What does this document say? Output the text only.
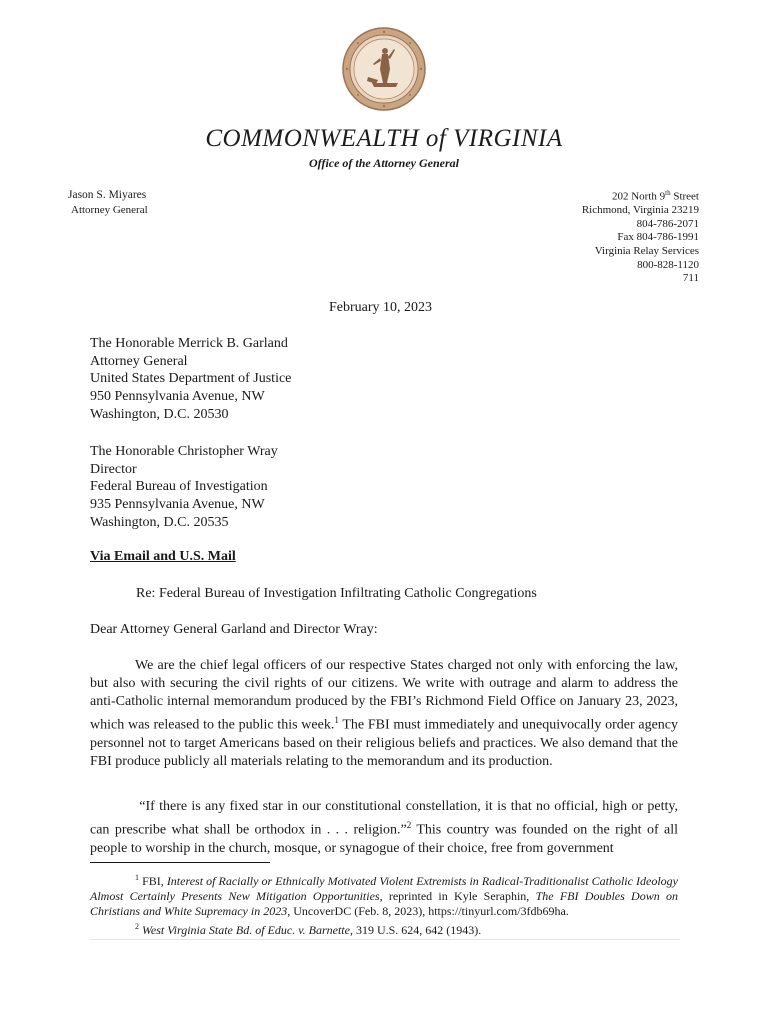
COMMONWEALTH of VIRGINIA
Office of the Attorney General
Jason S. Miyares
Attorney General
202 North 9th Street
Richmond, Virginia 23219
804-786-2071
Fax 804-786-1991
Virginia Relay Services
800-828-1120
711
February 10, 2023
The Honorable Merrick B. Garland
Attorney General
United States Department of Justice
950 Pennsylvania Avenue, NW
Washington, D.C. 20530
The Honorable Christopher Wray
Director
Federal Bureau of Investigation
935 Pennsylvania Avenue, NW
Washington, D.C. 20535
Via Email and U.S. Mail
Re: Federal Bureau of Investigation Infiltrating Catholic Congregations
Dear Attorney General Garland and Director Wray:

We are the chief legal officers of our respective States charged not only with enforcing the law, but also with securing the civil rights of our citizens. We write with outrage and alarm to address the anti-Catholic internal memorandum produced by the FBI’s Richmond Field Office on January 23, 2023, which was released to the public this week.$^1$ The FBI must immediately and unequivocally order agency personnel not to target Americans based on their religious beliefs and practices. We also demand that the FBI produce publicly all materials relating to the memorandum and its production.

“If there is any fixed star in our constitutional constellation, it is that no official, high or petty, can prescribe what shall be orthodox in . . . religion.”$^2$ This country was founded on the right of all people to worship in the church, mosque, or synagogue of their choice, free from government

$^1$ FBI, Interest of Racially or Ethnically Motivated Violent Extremists in Radical-Traditionalist Catholic Ideology Almost Certainly Presents New Mitigation Opportunities, reprinted in Kyle Seraphin, The FBI Doubles Down on Christians and White Supremacy in 2023, UncoverDC (Feb. 8, 2023), https://tinyurl.com/3fdb69ha.

$^2$ West Virginia State Bd. of Educ. v. Barnette, 319 U.S. 624, 642 (1943).
